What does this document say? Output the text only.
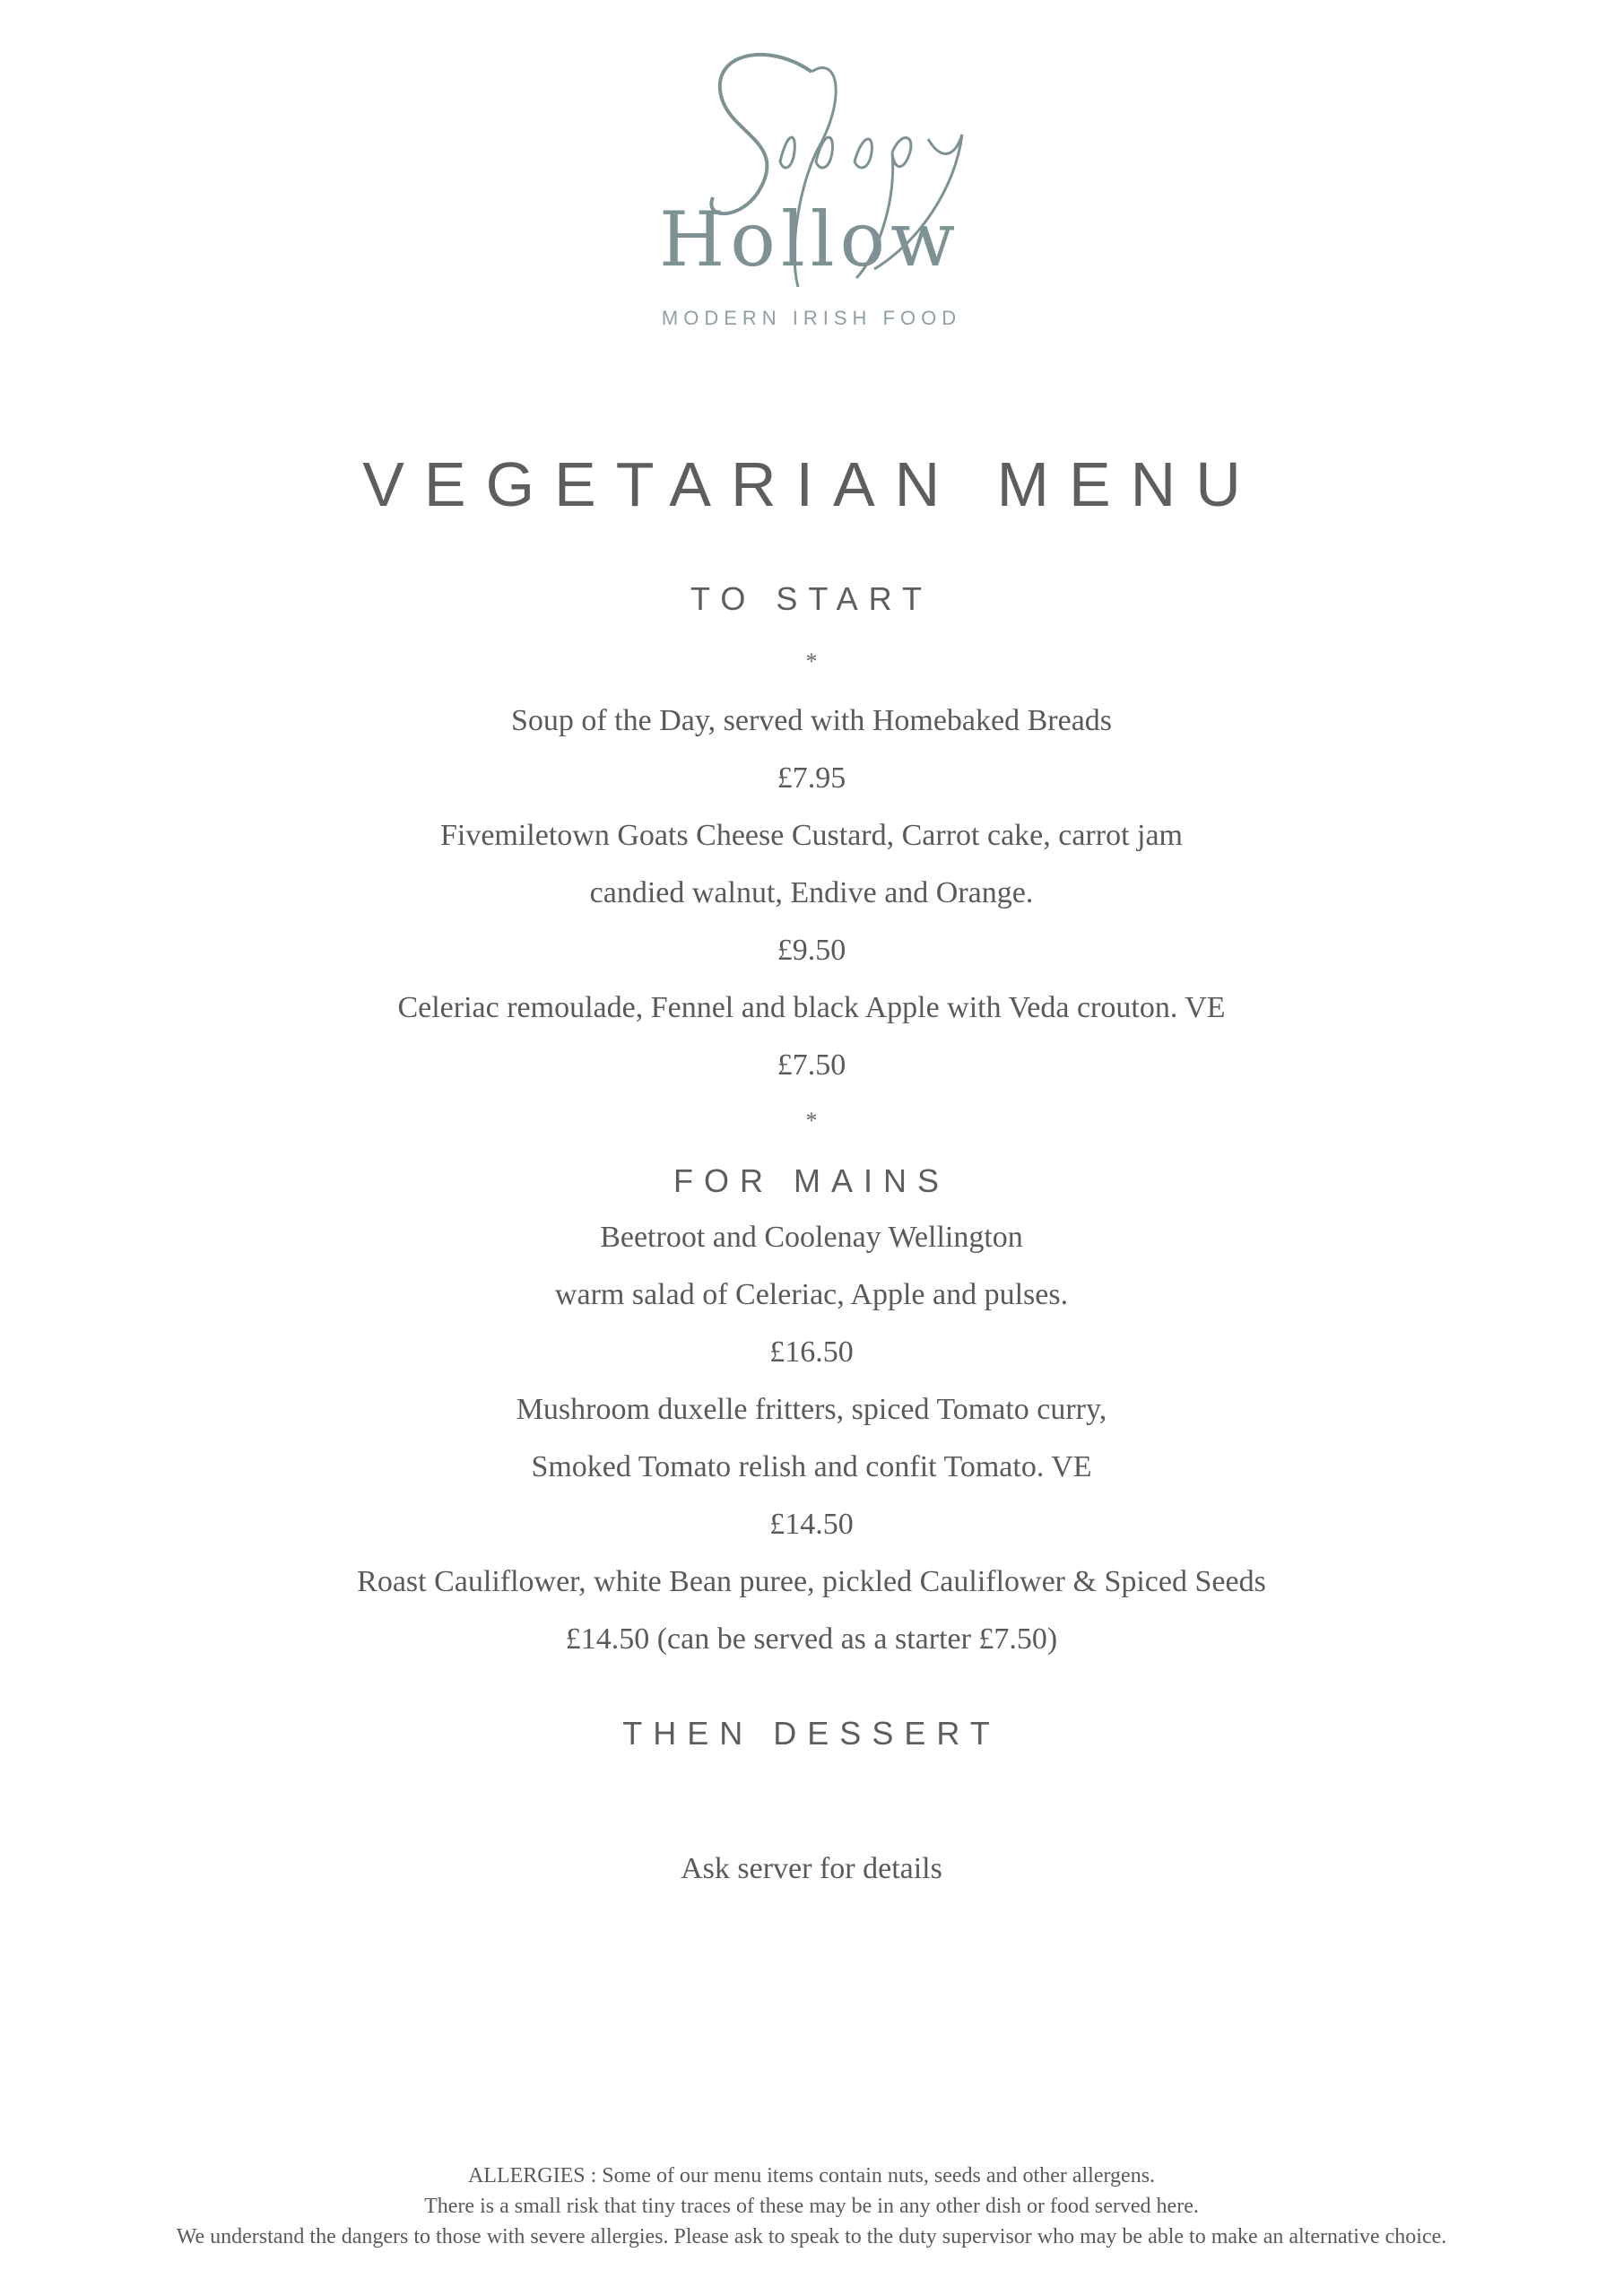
Hollow
MODERN IRISH FOOD
VEGETARIAN MENU
TO START
*
Soup of the Day, served with Homebaked Breads
£7.95
Fivemiletown Goats Cheese Custard, Carrot cake, carrot jam
candied walnut, Endive and Orange.
£9.50
Celeriac remoulade, Fennel and black Apple with Veda crouton. VE
£7.50
*
FOR MAINS
Beetroot and Coolenay Wellington
warm salad of Celeriac, Apple and pulses.
£16.50
Mushroom duxelle fritters, spiced Tomato curry,
Smoked Tomato relish and confit Tomato. VE
£14.50
Roast Cauliflower, white Bean puree, pickled Cauliflower & Spiced Seeds
£14.50 (can be served as a starter £7.50)
THEN DESSERT
Ask server for details
ALLERGIES : Some of our menu items contain nuts, seeds and other allergens.
There is a small risk that tiny traces of these may be in any other dish or food served here.
We understand the dangers to those with severe allergies. Please ask to speak to the duty supervisor who may be able to make an alternative choice.
